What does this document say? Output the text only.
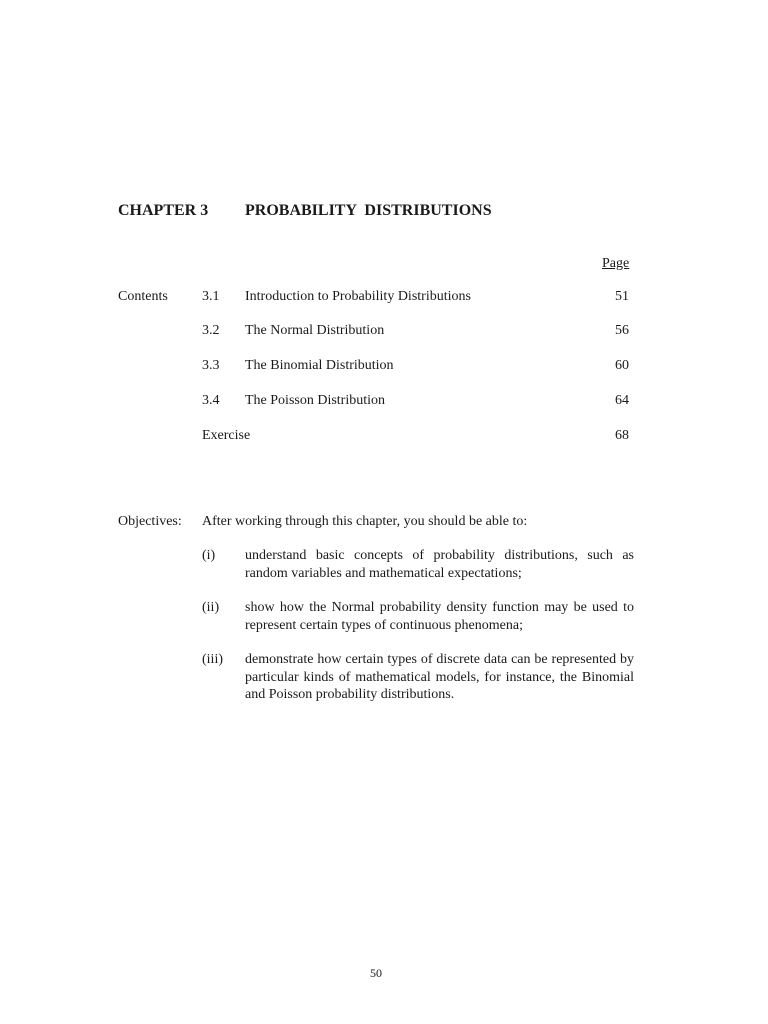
CHAPTER 3 PROBABILITY DISTRIBUTIONS
Page
Contents 3.1 Introduction to Probability Distributions	51
3.2 The Normal Distribution	56
3.3 The Binomial Distribution	60
3.4 The Poisson Distribution	64
Exercise	68
Objectives: After working through this chapter, you should be able to:
(i) understand basic concepts of probability distributions, such as random variables and mathematical expectations;
(ii) show how the Normal probability density function may be used to represent certain types of continuous phenomena;
(iii) demonstrate how certain types of discrete data can be represented by particular kinds of mathematical models, for instance, the Binomial and Poisson probability distributions.
50
